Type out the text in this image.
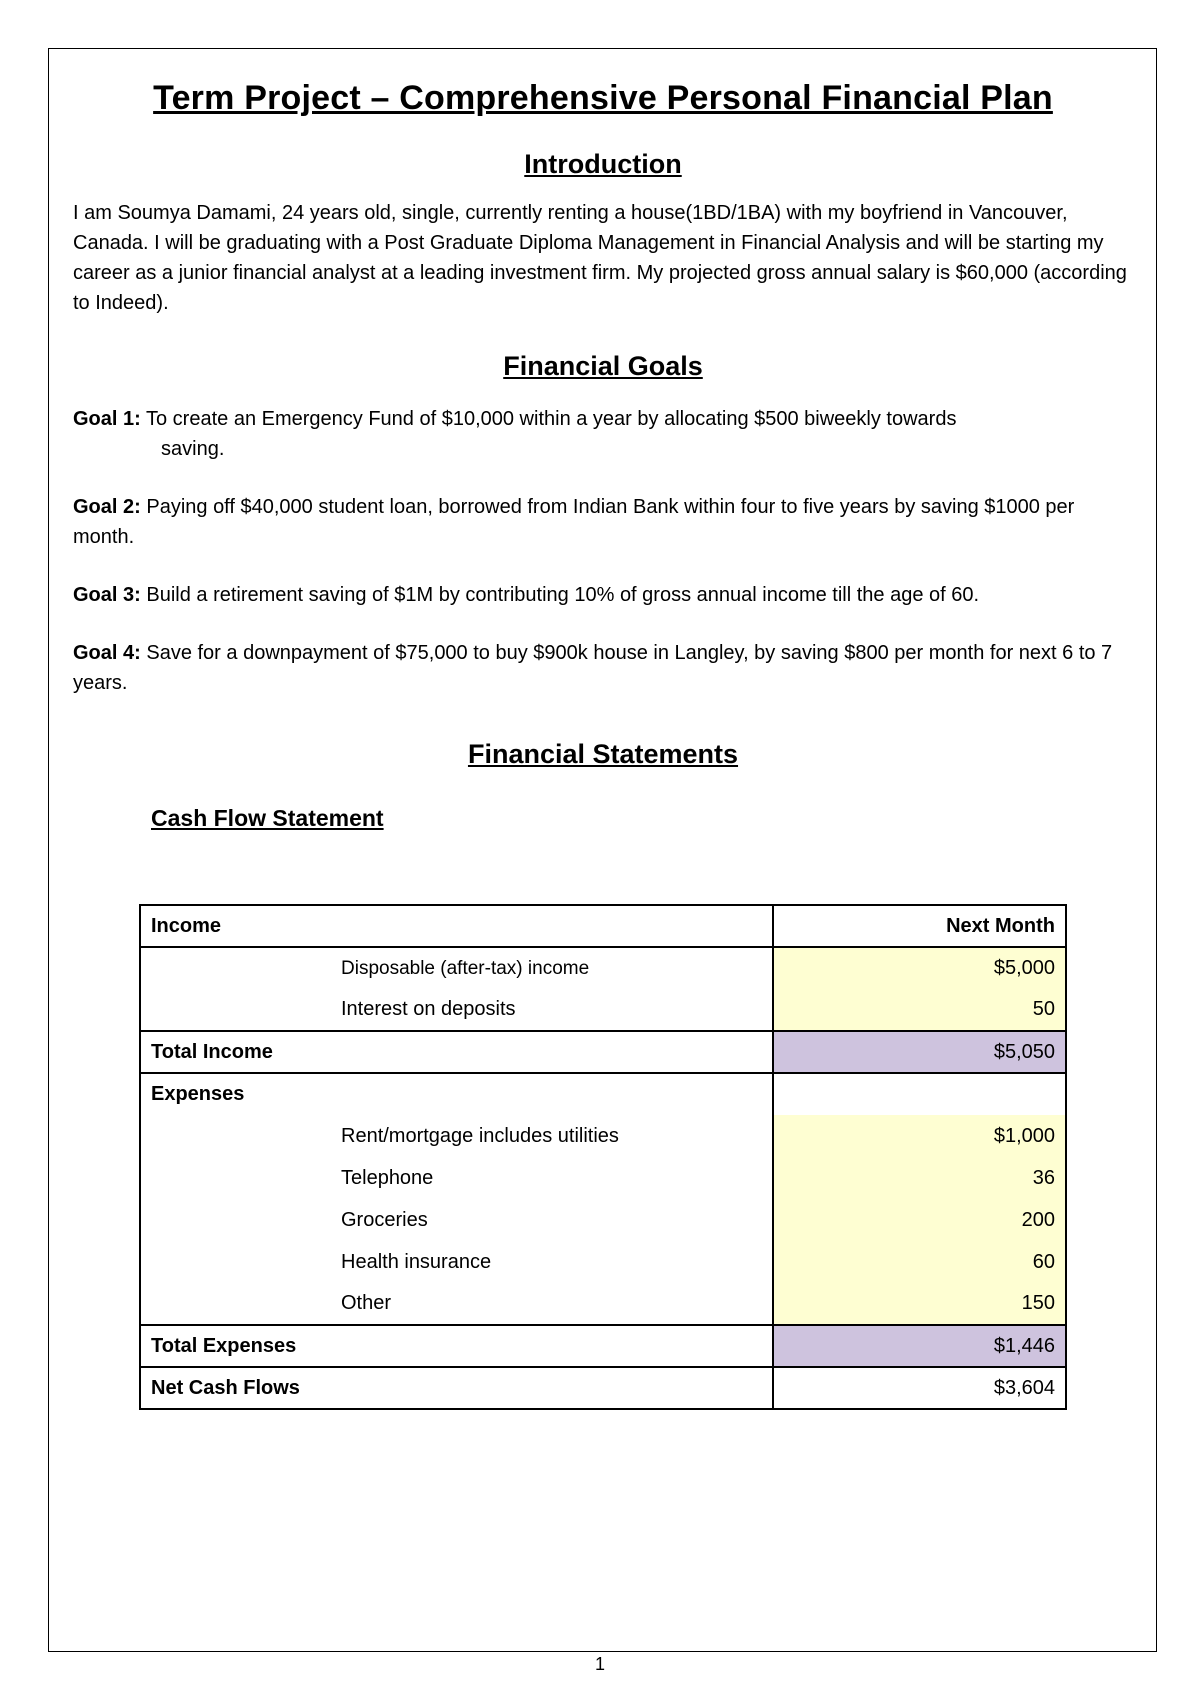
Term Project – Comprehensive Personal Financial Plan
Introduction

I am Soumya Damami, 24 years old, single, currently renting a house(1BD/1BA) with my boyfriend in Vancouver, Canada. I will be graduating with a Post Graduate Diploma Management in Financial Analysis and will be starting my career as a junior financial analyst at a leading investment firm. My projected gross annual salary is $60,000 (according to Indeed).

Financial Goals

Goal 1: To create an Emergency Fund of $10,000 within a year by allocating $500 biweekly towards
saving.

Goal 2: Paying off $40,000 student loan, borrowed from Indian Bank within four to five years by saving $1000 per month.

Goal 3: Build a retirement saving of $1M by contributing 10% of gross annual income till the age of 60.

Goal 4: Save for a downpayment of $75,000 to buy $900k house in Langley, by saving $800 per month for next 6 to 7 years.

Financial Statements
Cash Flow Statement
Income	Next Month
Disposable (after-tax) income	$5,000
Interest on deposits	50
Total Income	$5,050
Expenses	
Rent/mortgage includes utilities	$1,000
Telephone	36
Groceries	200
Health insurance	60
Other	150
Total Expenses	$1,446
Net Cash Flows	$3,604
1
